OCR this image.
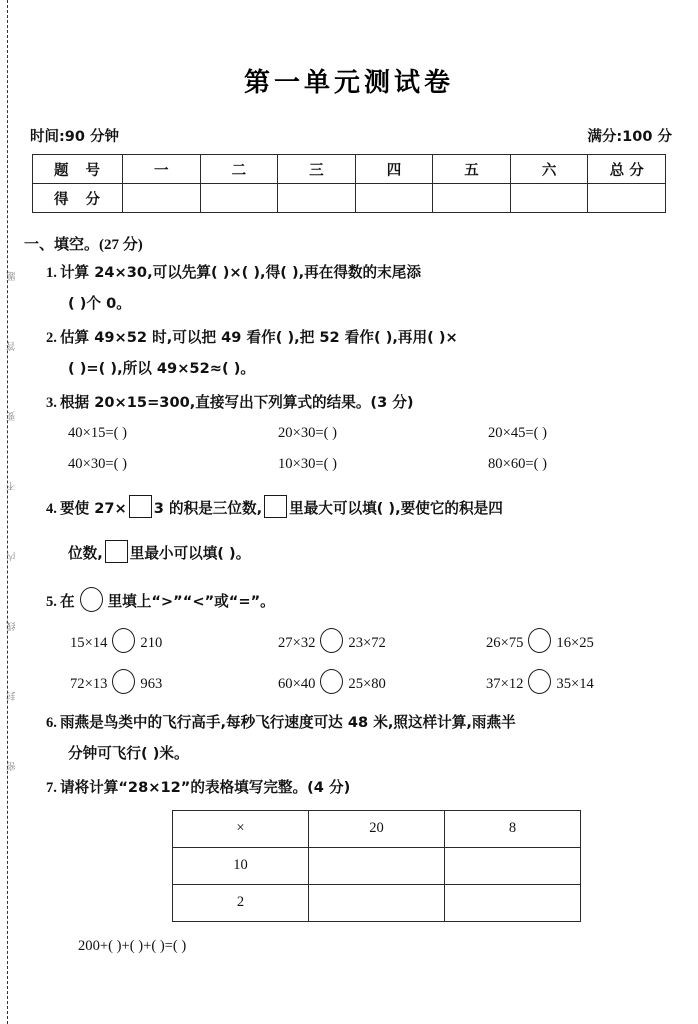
题
答
要
不
内
线
封
密
第一单元测试卷
时间:90 分钟	满分:100 分
题 号	一	二	三	四	五	六	总 分
得 分							
一、填空。(27 分)
1. 计算 24×30,可以先算( )×( ),得( ),再在得数的末尾添
( )个 0。
2. 估算 49×52 时,可以把 49 看作( ),把 52 看作( ),再用( )×
( )=( ),所以 49×52≈( )。
3. 根据 20×15=300,直接写出下列算式的结果。(3 分)
40×15=( )	20×30=( )	20×45=( )
40×30=( )	10×30=( )	80×60=( )
4. 要使 27× 3 的积是三位数, 里最大可以填( ),要使它的积是四
位数, 里最小可以填( )。
5. 在 里填上“>”“<”或“=”。
15×14 210	27×32 23×72	26×75 16×25
72×13 963	60×40 25×80	37×12 35×14
6. 雨燕是鸟类中的飞行高手,每秒飞行速度可达 48 米,照这样计算,雨燕半
分钟可飞行( )米。
7. 请将计算“28×12”的表格填写完整。(4 分)
×	20	8
10		
2		
200+( )+( )+( )=( )
